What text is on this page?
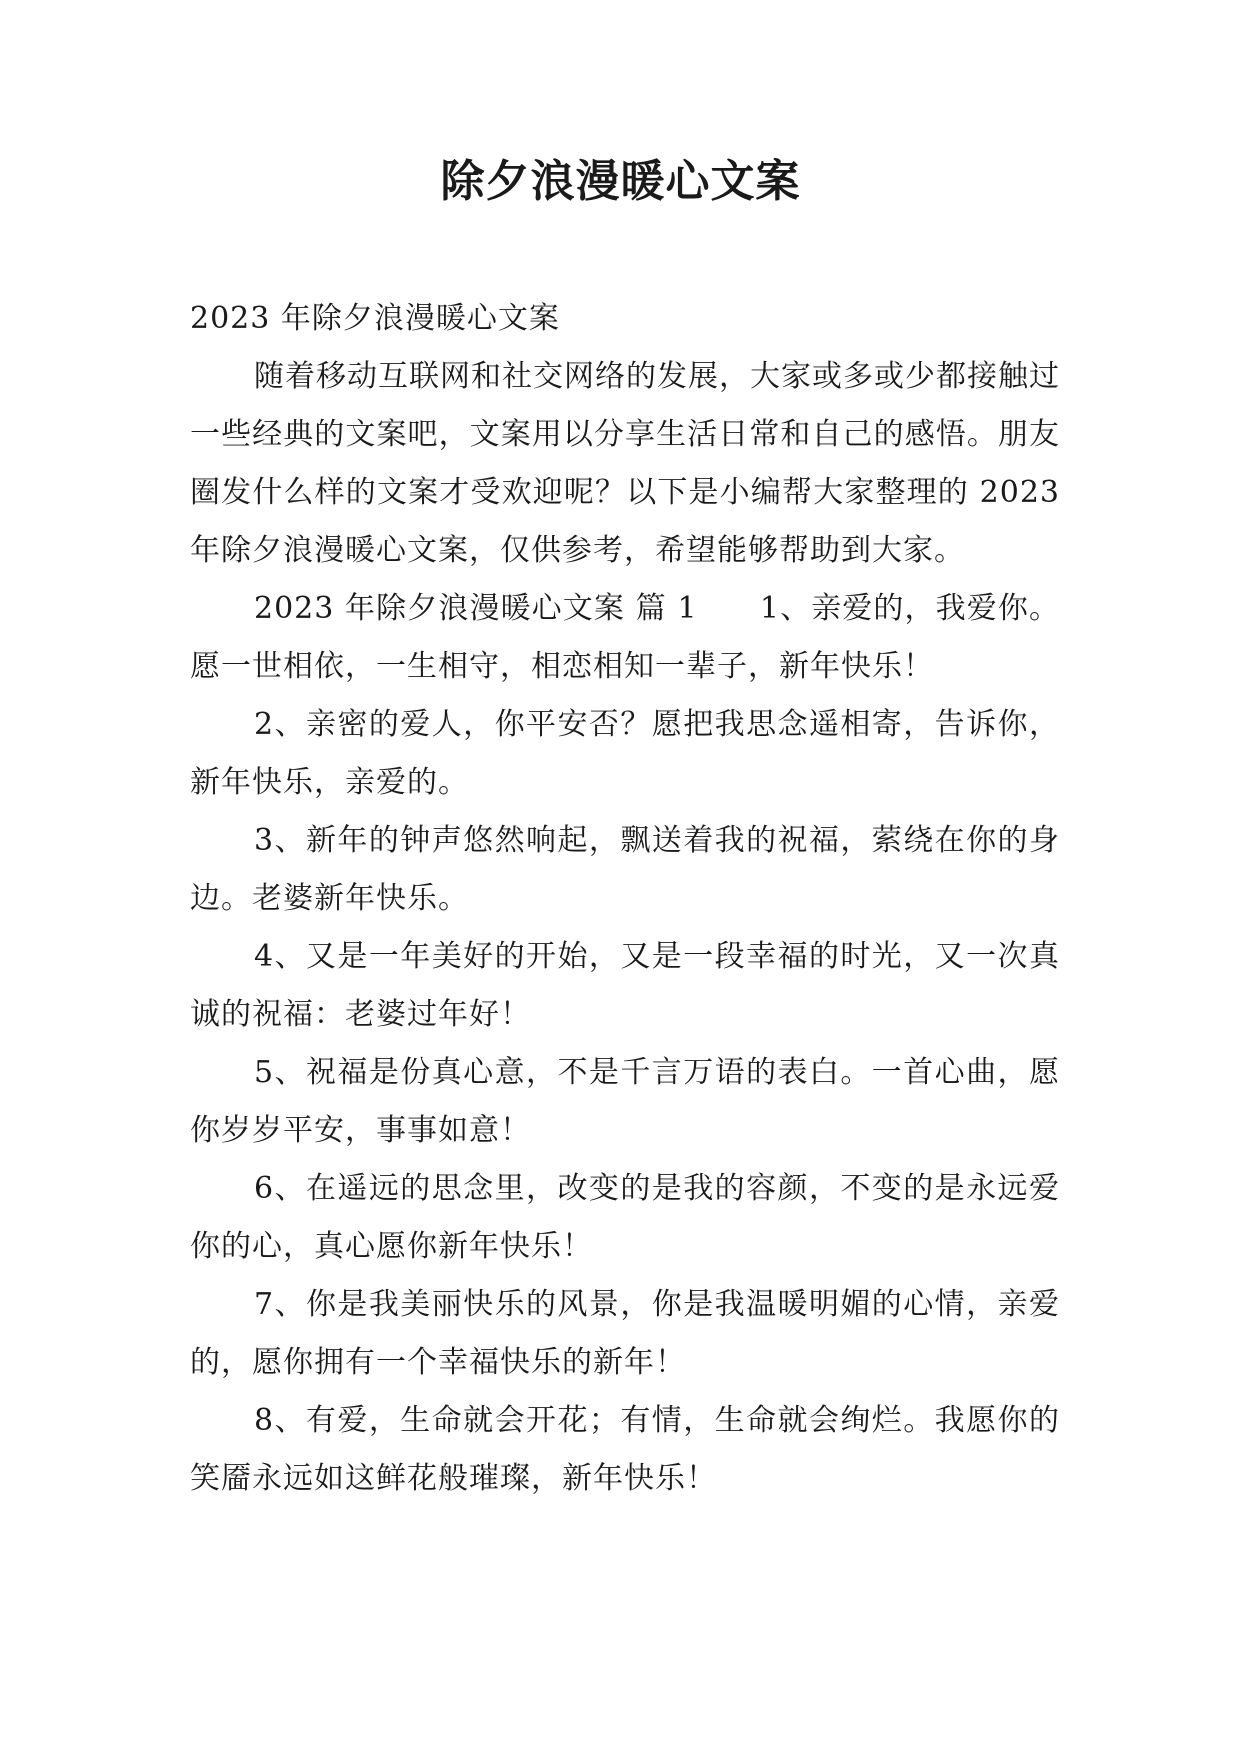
除夕浪漫暖心文案

2023 年除夕浪漫暖心文案

随着移动互联网和社交网络的发展，大家或多或少都接触过一些经典的文案吧，文案用以分享生活日常和自己的感悟。朋友圈发什么样的文案才受欢迎呢？以下是小编帮大家整理的 2023 年除夕浪漫暖心文案，仅供参考，希望能够帮助到大家。

2023 年除夕浪漫暖心文案 篇 1　　1、亲爱的，我爱你。愿一世相依，一生相守，相恋相知一辈子，新年快乐！

2、亲密的爱人，你平安否？愿把我思念遥相寄，告诉你，新年快乐，亲爱的。

3、新年的钟声悠然响起，飘送着我的祝福，萦绕在你的身边。老婆新年快乐。

4、又是一年美好的开始，又是一段幸福的时光，又一次真诚的祝福：老婆过年好！

5、祝福是份真心意，不是千言万语的表白。一首心曲，愿你岁岁平安，事事如意！

6、在遥远的思念里，改变的是我的容颜，不变的是永远爱你的心，真心愿你新年快乐！

7、你是我美丽快乐的风景，你是我温暖明媚的心情，亲爱的，愿你拥有一个幸福快乐的新年！

8、有爱，生命就会开花；有情，生命就会绚烂。我愿你的笑靥永远如这鲜花般璀璨，新年快乐！
